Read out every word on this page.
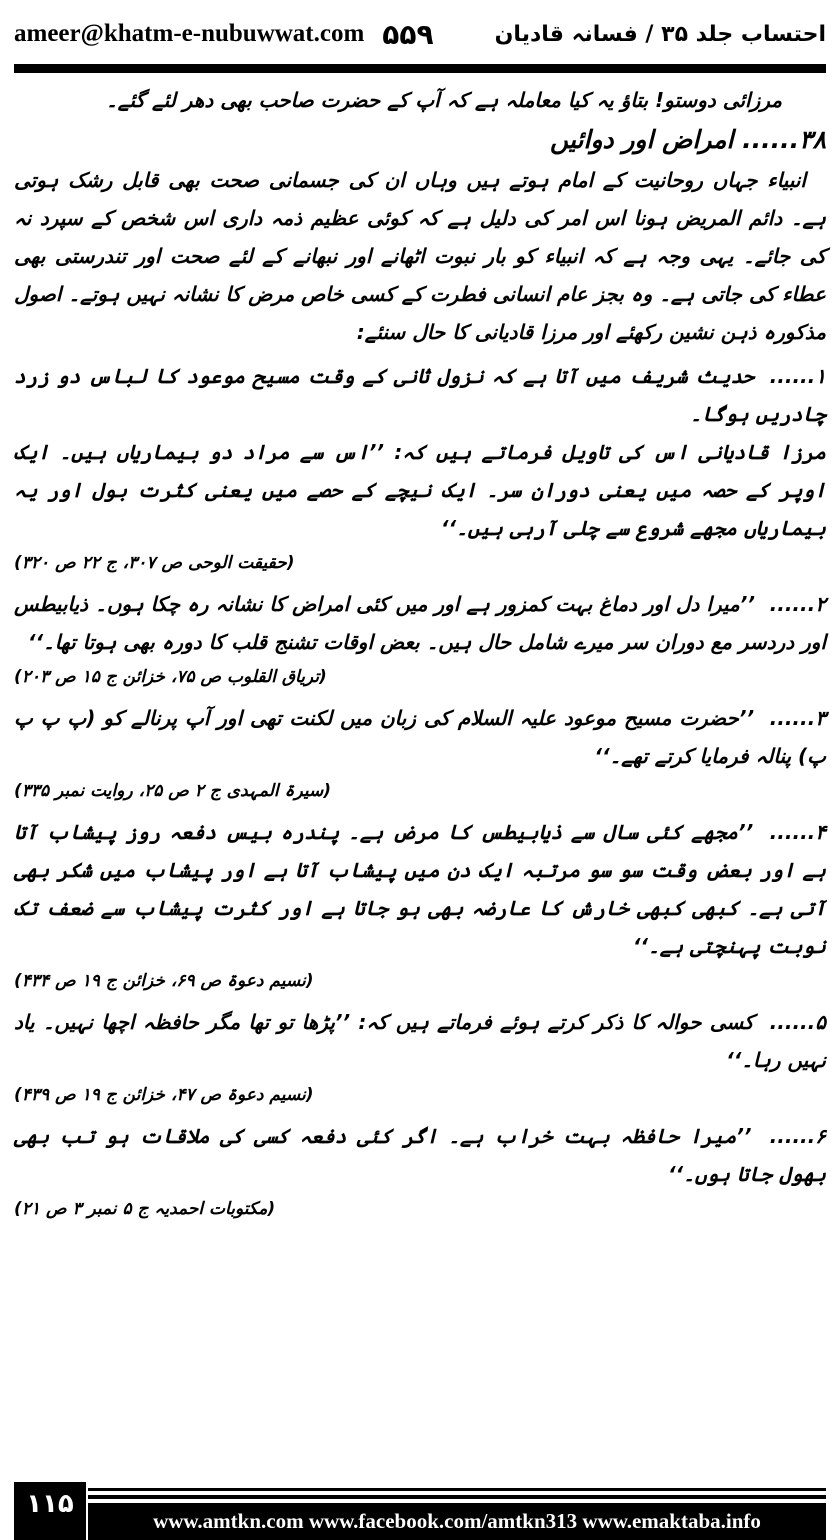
ameer@khatm-e-nubuwwat.com ۵۵۹	احتساب جلد ۳۵ / فسانہ قادیان

مرزائی دوستو! بتاؤ یہ کیا معاملہ ہے کہ آپ کے حضرت صاحب بھی دھر لئے گئے۔

۳۸...... امراض اور دوائیں

انبیاء جہاں روحانیت کے امام ہوتے ہیں وہاں ان کی جسمانی صحت بھی قابل رشک ہوتی ہے۔ دائم المریض ہونا اس امر کی دلیل ہے کہ کوئی عظیم ذمہ داری اس شخص کے سپرد نہ کی جائے۔ یہی وجہ ہے کہ انبیاء کو بار نبوت اٹھانے اور نبھانے کے لئے صحت اور تندرستی بھی عطاء کی جاتی ہے۔ وہ بجز عام انسانی فطرت کے کسی خاص مرض کا نشانہ نہیں ہوتے۔ اصول مذکورہ ذہن نشین رکھئے اور مرزا قادیانی کا حال سنئے:

۱...... حدیث شریف میں آتا ہے کہ نزول ثانی کے وقت مسیح موعود کا لباس دو زرد چادریں ہوگا۔

مرزا قادیانی اس کی تاویل فرماتے ہیں کہ: ’’اس سے مراد دو بیماریاں ہیں۔ ایک اوپر کے حصہ میں یعنی دوران سر۔ ایک نیچے کے حصے میں یعنی کثرت بول اور یہ بیماریاں مجھے شروع سے چلی آرہی ہیں۔‘‘

(حقیقت الوحی ص ۳۰۷، ج ۲۲ ص ۳۲۰)

۲...... ’’میرا دل اور دماغ بہت کمزور ہے اور میں کئی امراض کا نشانہ رہ چکا ہوں۔ ذیابیطس اور دردسر مع دوران سر میرے شامل حال ہیں۔ بعض اوقات تشنج قلب کا دورہ بھی ہوتا تھا۔‘‘

(تریاق القلوب ص ۷۵، خزائن ج ۱۵ ص ۲۰۳)

۳...... ’’حضرت مسیح موعود علیہ السلام کی زبان میں لکنت تھی اور آپ پرنالے کو (پ پ پ پ) پنالہ فرمایا کرتے تھے۔‘‘

(سیرۃ المہدی ج ۲ ص ۲۵، روایت نمبر ۳۳۵)

۴...... ’’مجھے کئی سال سے ذیابیطس کا مرض ہے۔ پندرہ بیس دفعہ روز پیشاب آتا ہے اور بعض وقت سو سو مرتبہ ایک دن میں پیشاب آتا ہے اور پیشاب میں شکر بھی آتی ہے۔ کبھی کبھی خارش کا عارضہ بھی ہو جاتا ہے اور کثرت پیشاب سے ضعف تک نوبت پہنچتی ہے۔‘‘

(نسیم دعوۃ ص ۶۹، خزائن ج ۱۹ ص ۴۳۴)

۵...... کسی حوالہ کا ذکر کرتے ہوئے فرماتے ہیں کہ: ’’پڑھا تو تھا مگر حافظہ اچھا نہیں۔ یاد نہیں رہا۔‘‘

(نسیم دعوۃ ص ۴۷، خزائن ج ۱۹ ص ۴۳۹)

۶...... ’’میرا حافظہ بہت خراب ہے۔ اگر کئی دفعہ کسی کی ملاقات ہو تب بھی بھول جاتا ہوں۔‘‘

(مکتوبات احمدیہ ج ۵ نمبر ۳ ص ۲۱)
۱۱۵
www.amtkn.com www.facebook.com/amtkn313 www.emaktaba.info
